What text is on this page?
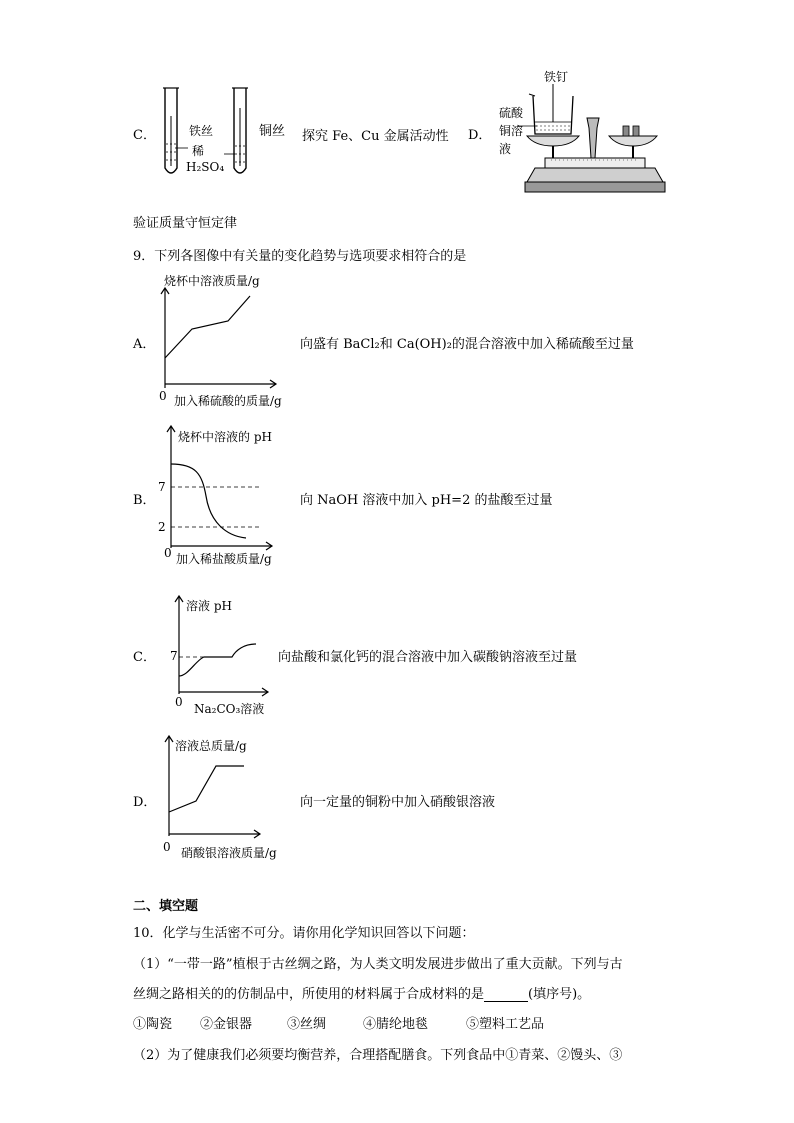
C．	铁丝
稀
H₂SO₄
铜丝 探究 Fe、Cu 金属活动性 D．
铁钉
硫酸
铜溶
液
验证质量守恒定律
9．下列各图像中有关量的变化趋势与选项要求相符合的是
A．
烧杯中溶液质量/g
0 加入稀硫酸的质量/g
向盛有 BaCl₂和 Ca(OH)₂的混合溶液中加入稀硫酸至过量
B．
烧杯中溶液的 pH
7
2
0 加入稀盐酸质量/g
向 NaOH 溶液中加入 pH=2 的盐酸至过量
C．
溶液 pH
7
0 Na₂CO₃溶液
向盐酸和氯化钙的混合溶液中加入碳酸钠溶液至过量
D．
溶液总质量/g
0 硝酸银溶液质量/g
向一定量的铜粉中加入硝酸银溶液
二、填空题
10．化学与生活密不可分。请你用化学知识回答以下问题：
（1）“一带一路”植根于古丝绸之路，为人类文明发展进步做出了重大贡献。下列与古
丝绸之路相关的的仿制品中，所使用的材料属于合成材料的是	(填序号)。
①陶瓷 ②金银器	③丝绸	④腈纶地毯	⑤塑料工艺品
（2）为了健康我们必须要均衡营养，合理搭配膳食。下列食品中①青菜、②馒头、③
